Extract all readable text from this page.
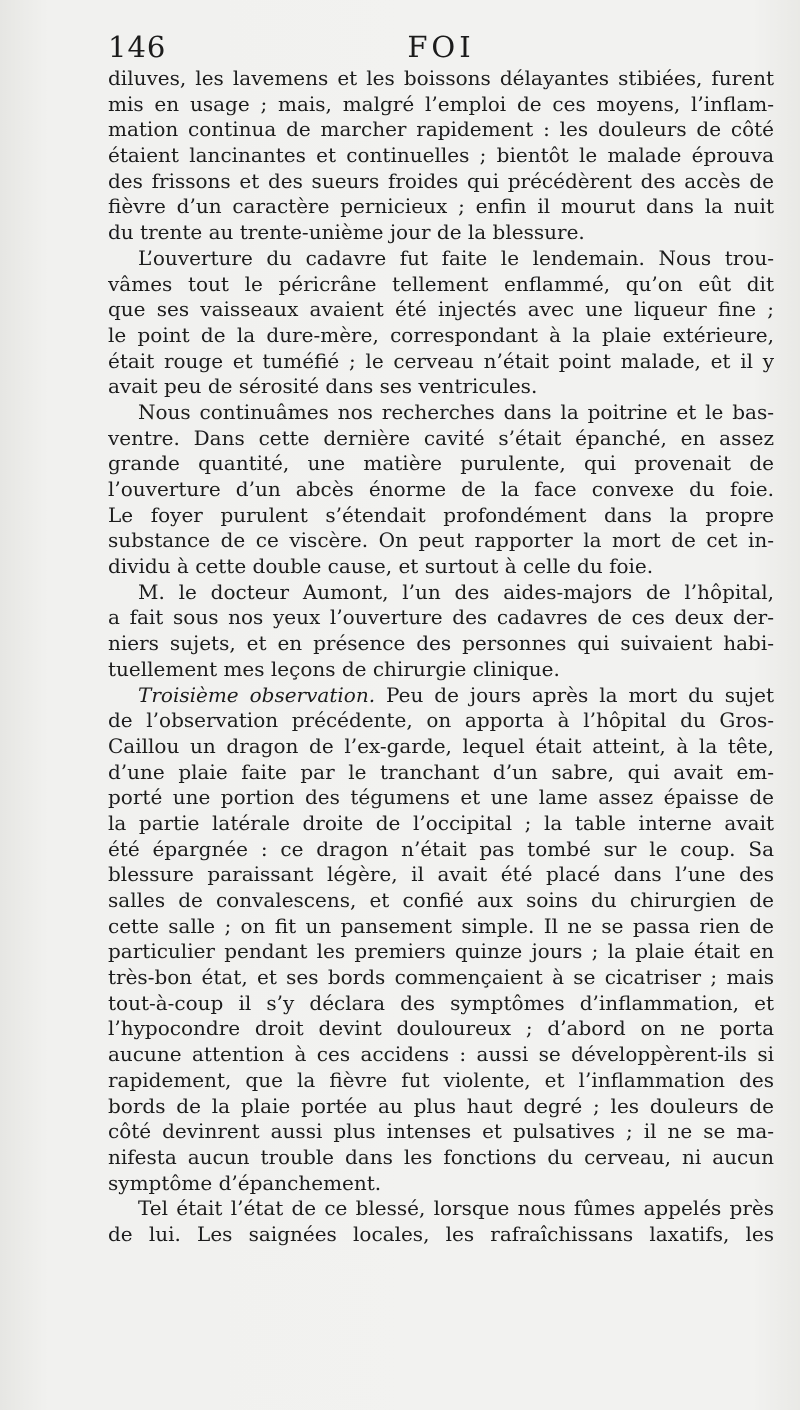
146	FOI
diluves, les lavemens et les boissons délayantes stibiées, furent
mis en usage ; mais, malgré l’emploi de ces moyens, l’inflam-
mation continua de marcher rapidement : les douleurs de côté
étaient lancinantes et continuelles ; bientôt le malade éprouva
des frissons et des sueurs froides qui précédèrent des accès de
fièvre d’un caractère pernicieux ; enfin il mourut dans la nuit
du trente au trente-unième jour de la blessure.
L’ouverture du cadavre fut faite le lendemain. Nous trou-
vâmes tout le péricrâne tellement enflammé, qu’on eût dit
que ses vaisseaux avaient été injectés avec une liqueur fine ;
le point de la dure-mère, correspondant à la plaie extérieure,
était rouge et tuméfié ; le cerveau n’était point malade, et il y
avait peu de sérosité dans ses ventricules.
Nous continuâmes nos recherches dans la poitrine et le bas-
ventre. Dans cette dernière cavité s’était épanché, en assez
grande quantité, une matière purulente, qui provenait de
l’ouverture d’un abcès énorme de la face convexe du foie.
Le foyer purulent s’étendait profondément dans la propre
substance de ce viscère. On peut rapporter la mort de cet in-
dividu à cette double cause, et surtout à celle du foie.
M. le docteur Aumont, l’un des aides-majors de l’hôpital,
a fait sous nos yeux l’ouverture des cadavres de ces deux der-
niers sujets, et en présence des personnes qui suivaient habi-
tuellement mes leçons de chirurgie clinique.
Troisième observation. Peu de jours après la mort du sujet
de l’observation précédente, on apporta à l’hôpital du Gros-
Caillou un dragon de l’ex-garde, lequel était atteint, à la tête,
d’une plaie faite par le tranchant d’un sabre, qui avait em-
porté une portion des tégumens et une lame assez épaisse de
la partie latérale droite de l’occipital ; la table interne avait
été épargnée : ce dragon n’était pas tombé sur le coup. Sa
blessure paraissant légère, il avait été placé dans l’une des
salles de convalescens, et confié aux soins du chirurgien de
cette salle ; on fit un pansement simple. Il ne se passa rien de
particulier pendant les premiers quinze jours ; la plaie était en
très-bon état, et ses bords commençaient à se cicatriser ; mais
tout-à-coup il s’y déclara des symptômes d’inflammation, et
l’hypocondre droit devint douloureux ; d’abord on ne porta
aucune attention à ces accidens : aussi se développèrent-ils si
rapidement, que la fièvre fut violente, et l’inflammation des
bords de la plaie portée au plus haut degré ; les douleurs de
côté devinrent aussi plus intenses et pulsatives ; il ne se ma-
nifesta aucun trouble dans les fonctions du cerveau, ni aucun
symptôme d’épanchement.
Tel était l’état de ce blessé, lorsque nous fûmes appelés près
de lui. Les saignées locales, les rafraîchissans laxatifs, les
